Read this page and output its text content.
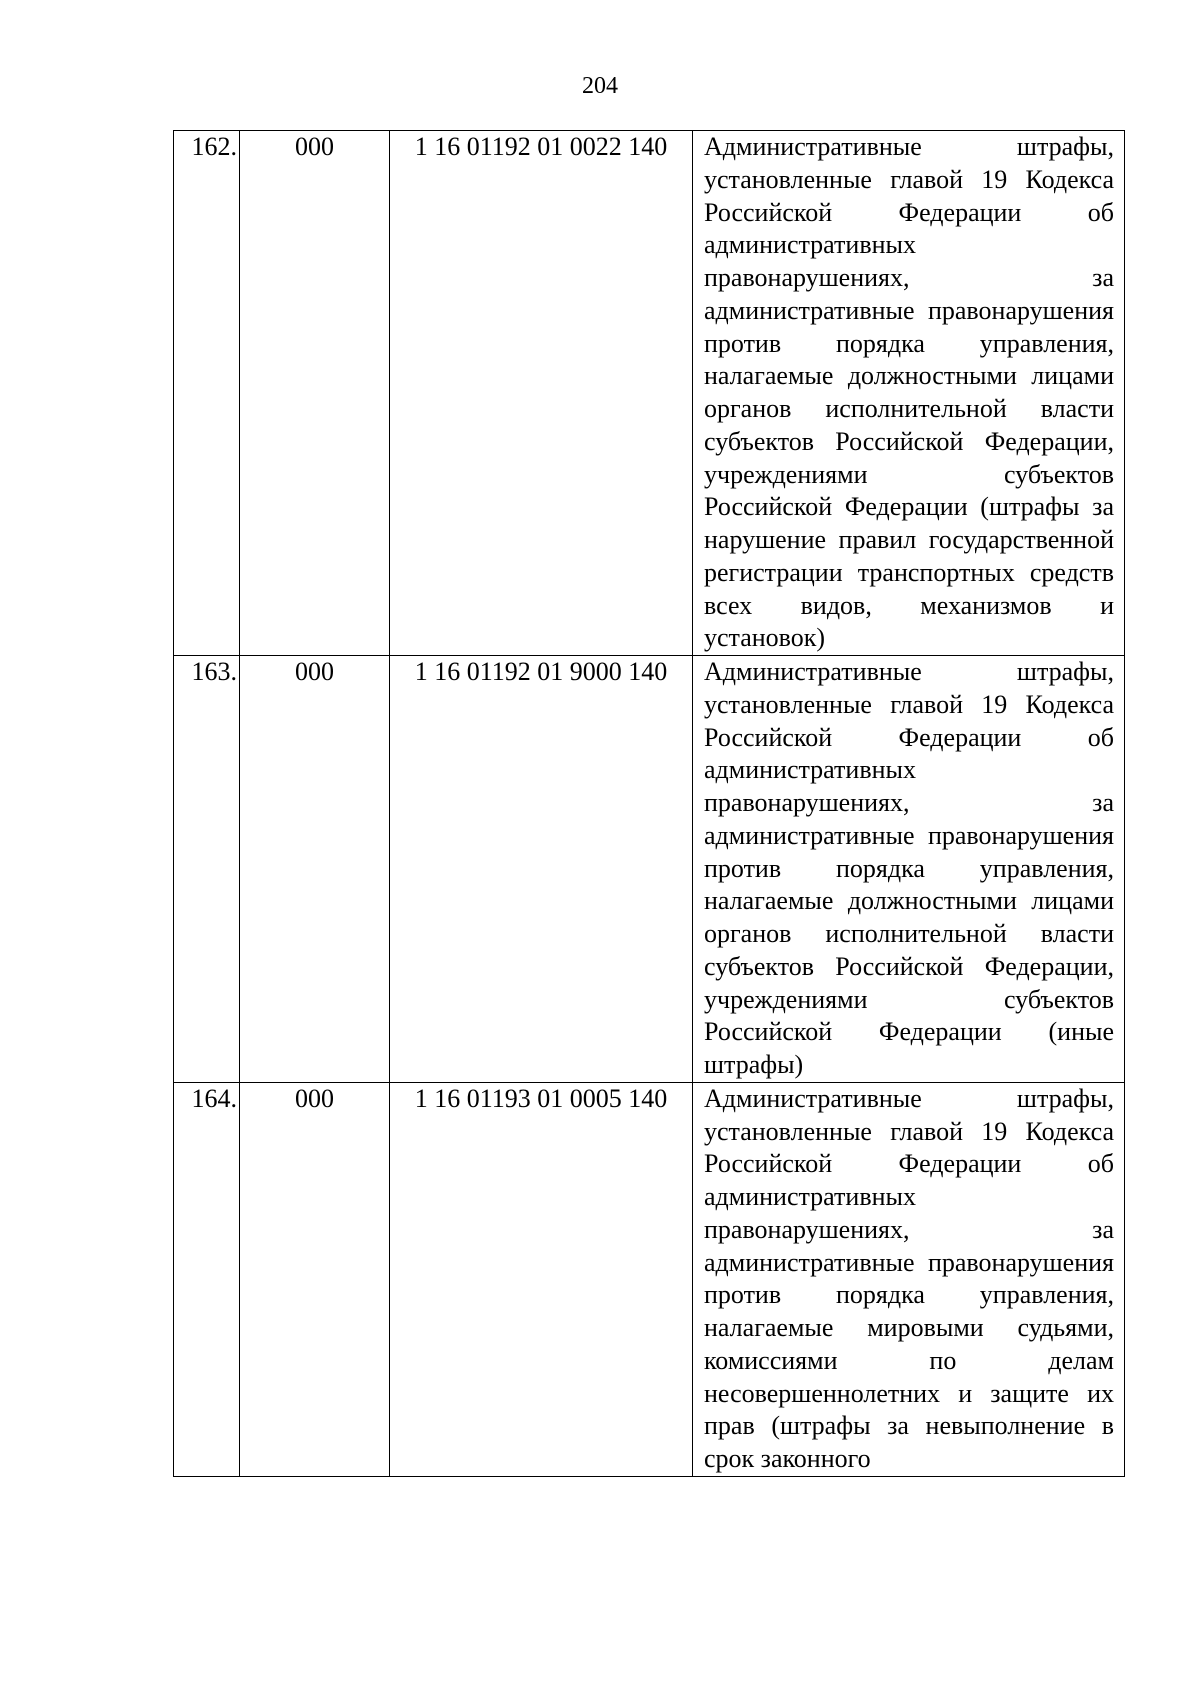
204
162.	000	1 16 01192 01 0022 140	Административные штрафы, установленные главой 19 Кодекса Российской Федерации об административных правонарушениях, за административные правонарушения против порядка управления, налагаемые должностными лицами органов исполнительной власти субъектов Российской Федерации, учреждениями субъектов Российской Федерации (штрафы за нарушение правил государственной регистрации транспортных средств всех видов, механизмов и установок)

163.	000	1 16 01192 01 9000 140	Административные штрафы, установленные главой 19 Кодекса Российской Федерации об административных правонарушениях, за административные правонарушения против порядка управления, налагаемые должностными лицами органов исполнительной власти субъектов Российской Федерации, учреждениями субъектов Российской Федерации (иные штрафы)

164.	000	1 16 01193 01 0005 140	Административные штрафы, установленные главой 19 Кодекса Российской Федерации об административных правонарушениях, за административные правонарушения против порядка управления, налагаемые мировыми судьями, комиссиями по делам несовершеннолетних и защите их прав (штрафы за невыполнение в срок законного
